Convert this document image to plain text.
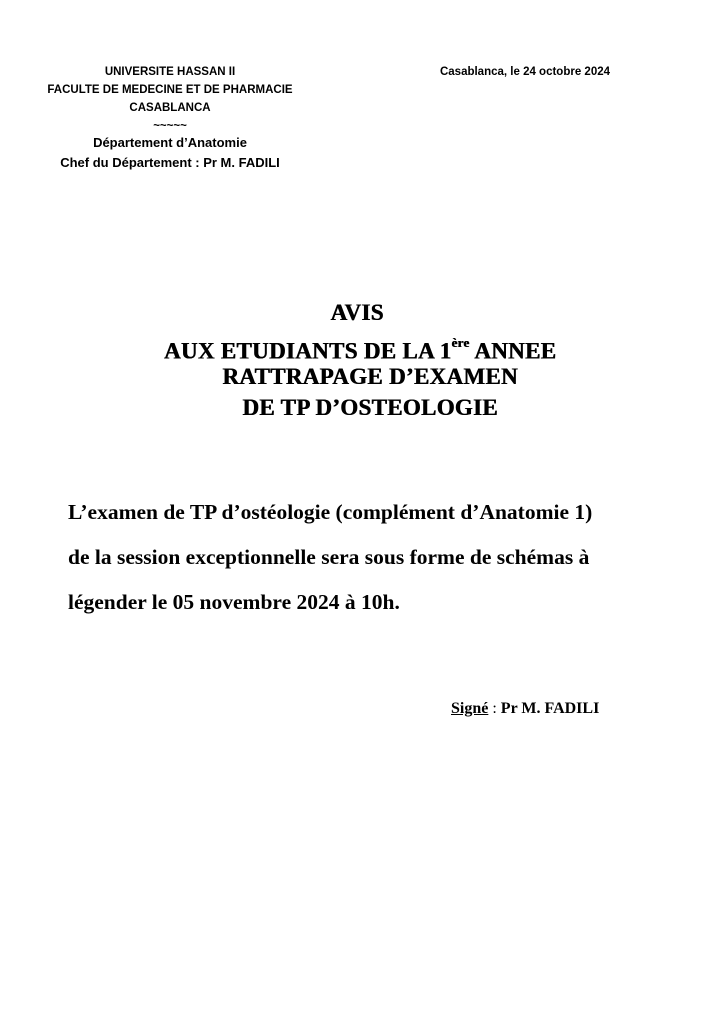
UNIVERSITE HASSAN II
FACULTE DE MEDECINE ET DE PHARMACIE
CASABLANCA
~~~~~
Département d’Anatomie
Chef du Département : Pr M. FADILI
Casablanca, le 24 octobre 2024
AVIS
AUX ETUDIANTS DE LA 1ère ANNEE
RATTRAPAGE D’EXAMEN
DE TP D’OSTEOLOGIE

L’examen de TP d’ostéologie (complément d’Anatomie 1)

de la session exceptionnelle sera sous forme de schémas à

légender le 05 novembre 2024 à 10h.

Signé : Pr M. FADILI
